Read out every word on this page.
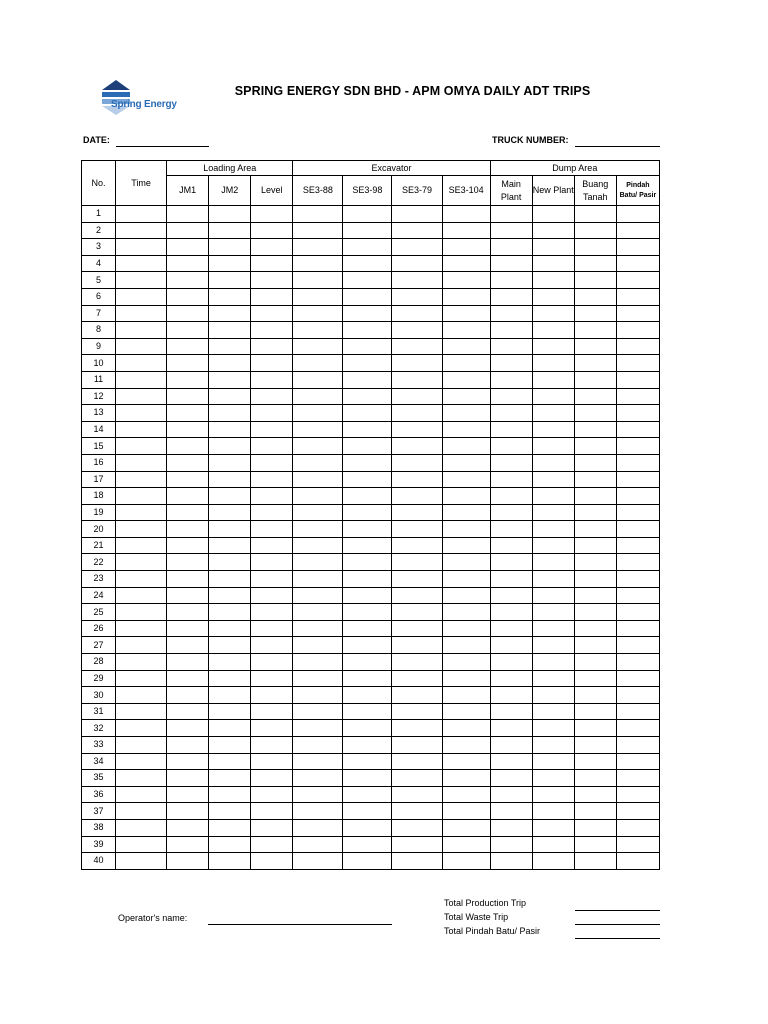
Spring Energy
SPRING ENERGY SDN BHD - APM OMYA DAILY ADT TRIPS
DATE:	TRUCK NUMBER:
No.	Time	Loading Area			Excavator				Dump Area			
		JM1	JM2	Level	SE3-88	SE3-98	SE3-79	SE3-104	Main Plant	New Plant	Buang Tanah	Pindah Batu/ Pasir
1												
2												
3												
4												
5												
6												
7												
8												
9												
10												
11												
12												
13												
14												
15												
16												
17												
18												
19												
20												
21												
22												
23												
24												
25												
26												
27												
28												
29												
30												
31												
32												
33												
34												
35												
36												
37												
38												
39												
40												
Operator's name:
Total Production Trip
Total Waste Trip
Total Pindah Batu/ Pasir
